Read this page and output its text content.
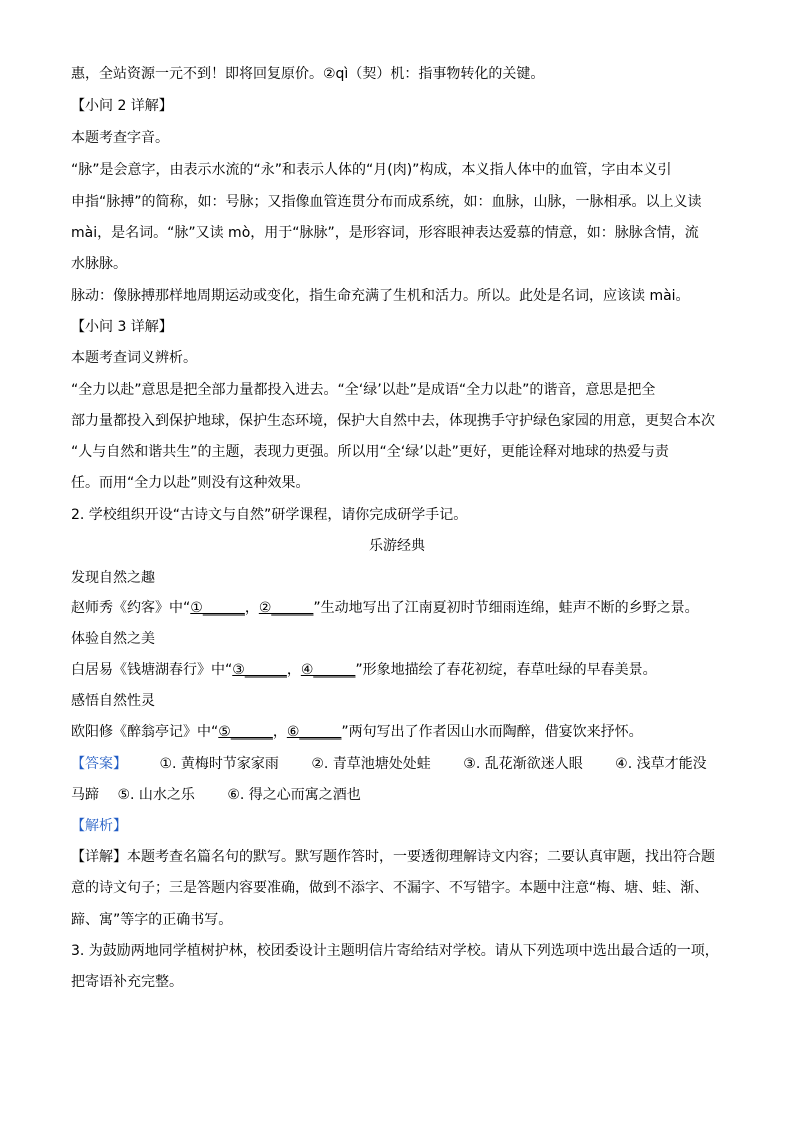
惠，全站资源一元不到！即将回复原价。②qì（契）机：指事物转化的关键。
【小问 2 详解】
本题考查字音。
“脉”是会意字，由表示水流的“永”和表示人体的“月(肉)”构成，本义指人体中的血管，字由本义引
申指“脉搏”的简称，如：号脉；又指像血管连贯分布而成系统，如：血脉，山脉，一脉相承。以上义读
mài，是名词。“脉”又读 mò，用于“脉脉”，是形容词，形容眼神表达爱慕的情意，如：脉脉含情，流
水脉脉。
脉动：像脉搏那样地周期运动或变化，指生命充满了生机和活力。所以。此处是名词，应该读 mài。
【小问 3 详解】
本题考查词义辨析。
“全力以赴”意思是把全部力量都投入进去。“全‘绿’以赴”是成语“全力以赴”的谐音，意思是把全
部力量都投入到保护地球，保护生态环境，保护大自然中去，体现携手守护绿色家园的用意，更契合本次
“人与自然和谐共生”的主题，表现力更强。所以用“全‘绿’以赴”更好，更能诠释对地球的热爱与责
任。而用“全力以赴”则没有这种效果。
2. 学校组织开设“古诗文与自然”研学课程，请你完成研学手记。
乐游经典
发现自然之趣
赵师秀《约客》中“①______，②______”生动地写出了江南夏初时节细雨连绵，蛙声不断的乡野之景。
体验自然之美
白居易《钱塘湖春行》中“③______，④______”形象地描绘了春花初绽，春草吐绿的早春美景。
感悟自然性灵
欧阳修《醉翁亭记》中“⑤______，⑥______”两句写出了作者因山水而陶醉，借宴饮来抒怀。
【答案】 ①. 黄梅时节家家雨 ②. 青草池塘处处蛙 ③. 乱花渐欲迷人眼 ④. 浅草才能没
马蹄 ⑤. 山水之乐 ⑥. 得之心而寓之酒也
【解析】
【详解】本题考查名篇名句的默写。默写题作答时，一要透彻理解诗文内容；二要认真审题，找出符合题
意的诗文句子；三是答题内容要准确，做到不添字、不漏字、不写错字。本题中注意“梅、塘、蛙、渐、
蹄、寓”等字的正确书写。
3. 为鼓励两地同学植树护林，校团委设计主题明信片寄给结对学校。请从下列选项中选出最合适的一项，
把寄语补充完整。
